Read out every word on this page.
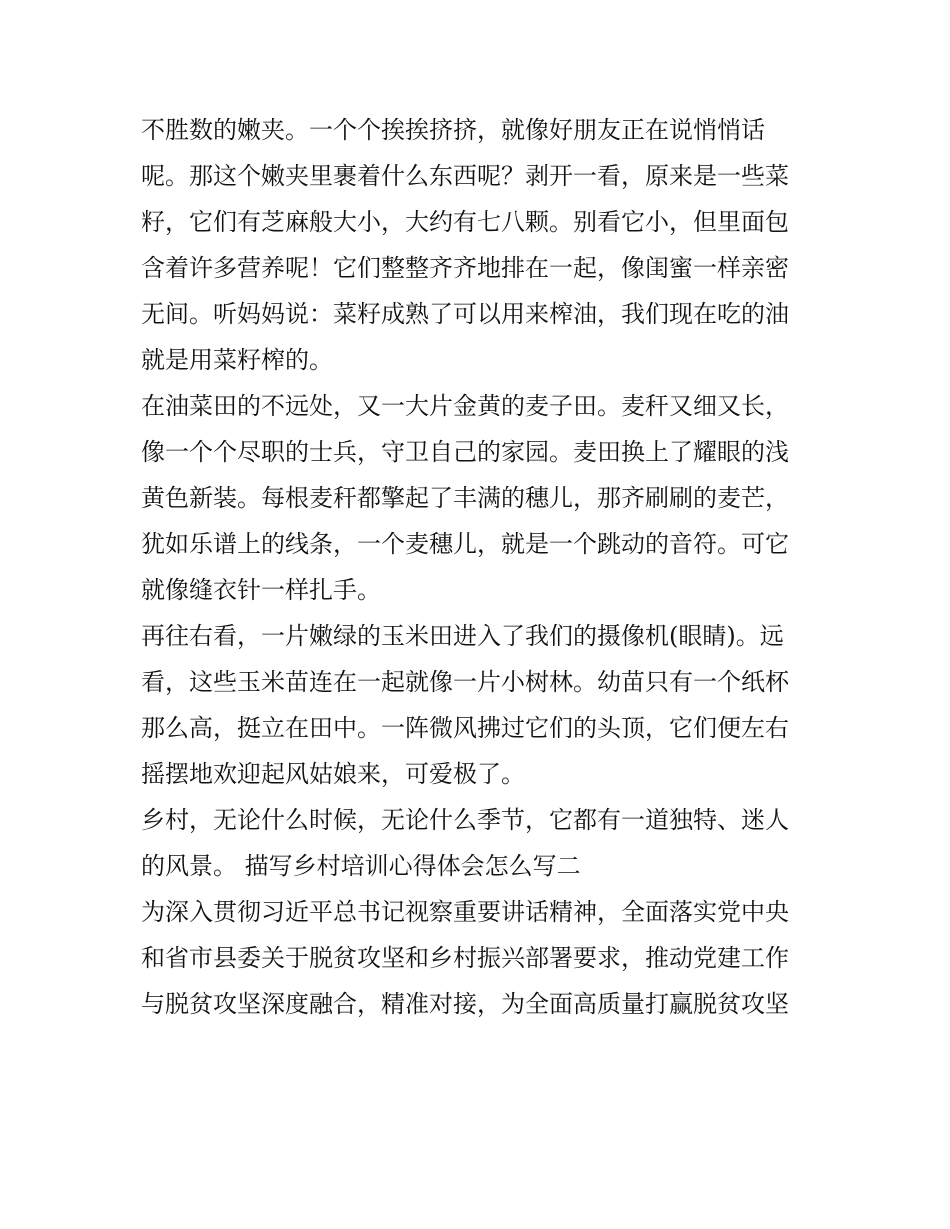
不胜数的嫩夹。一个个挨挨挤挤，就像好朋友正在说悄悄话
呢。那这个嫩夹里裹着什么东西呢？剥开一看，原来是一些菜
籽，它们有芝麻般大小，大约有七八颗。别看它小，但里面包
含着许多营养呢！它们整整齐齐地排在一起，像闺蜜一样亲密
无间。听妈妈说：菜籽成熟了可以用来榨油，我们现在吃的油
就是用菜籽榨的。
在油菜田的不远处，又一大片金黄的麦子田。麦秆又细又长，
像一个个尽职的士兵，守卫自己的家园。麦田换上了耀眼的浅
黄色新装。每根麦秆都擎起了丰满的穗儿，那齐刷刷的麦芒，
犹如乐谱上的线条，一个麦穗儿，就是一个跳动的音符。可它
就像缝衣针一样扎手。
再往右看，一片嫩绿的玉米田进入了我们的摄像机(眼睛)。远
看，这些玉米苗连在一起就像一片小树林。幼苗只有一个纸杯
那么高，挺立在田中。一阵微风拂过它们的头顶，它们便左右
摇摆地欢迎起风姑娘来，可爱极了。
乡村，无论什么时候，无论什么季节，它都有一道独特、迷人
的风景。 描写乡村培训心得体会怎么写二
为深入贯彻习近平总书记视察重要讲话精神，全面落实党中央
和省市县委关于脱贫攻坚和乡村振兴部署要求，推动党建工作
与脱贫攻坚深度融合，精准对接，为全面高质量打赢脱贫攻坚
